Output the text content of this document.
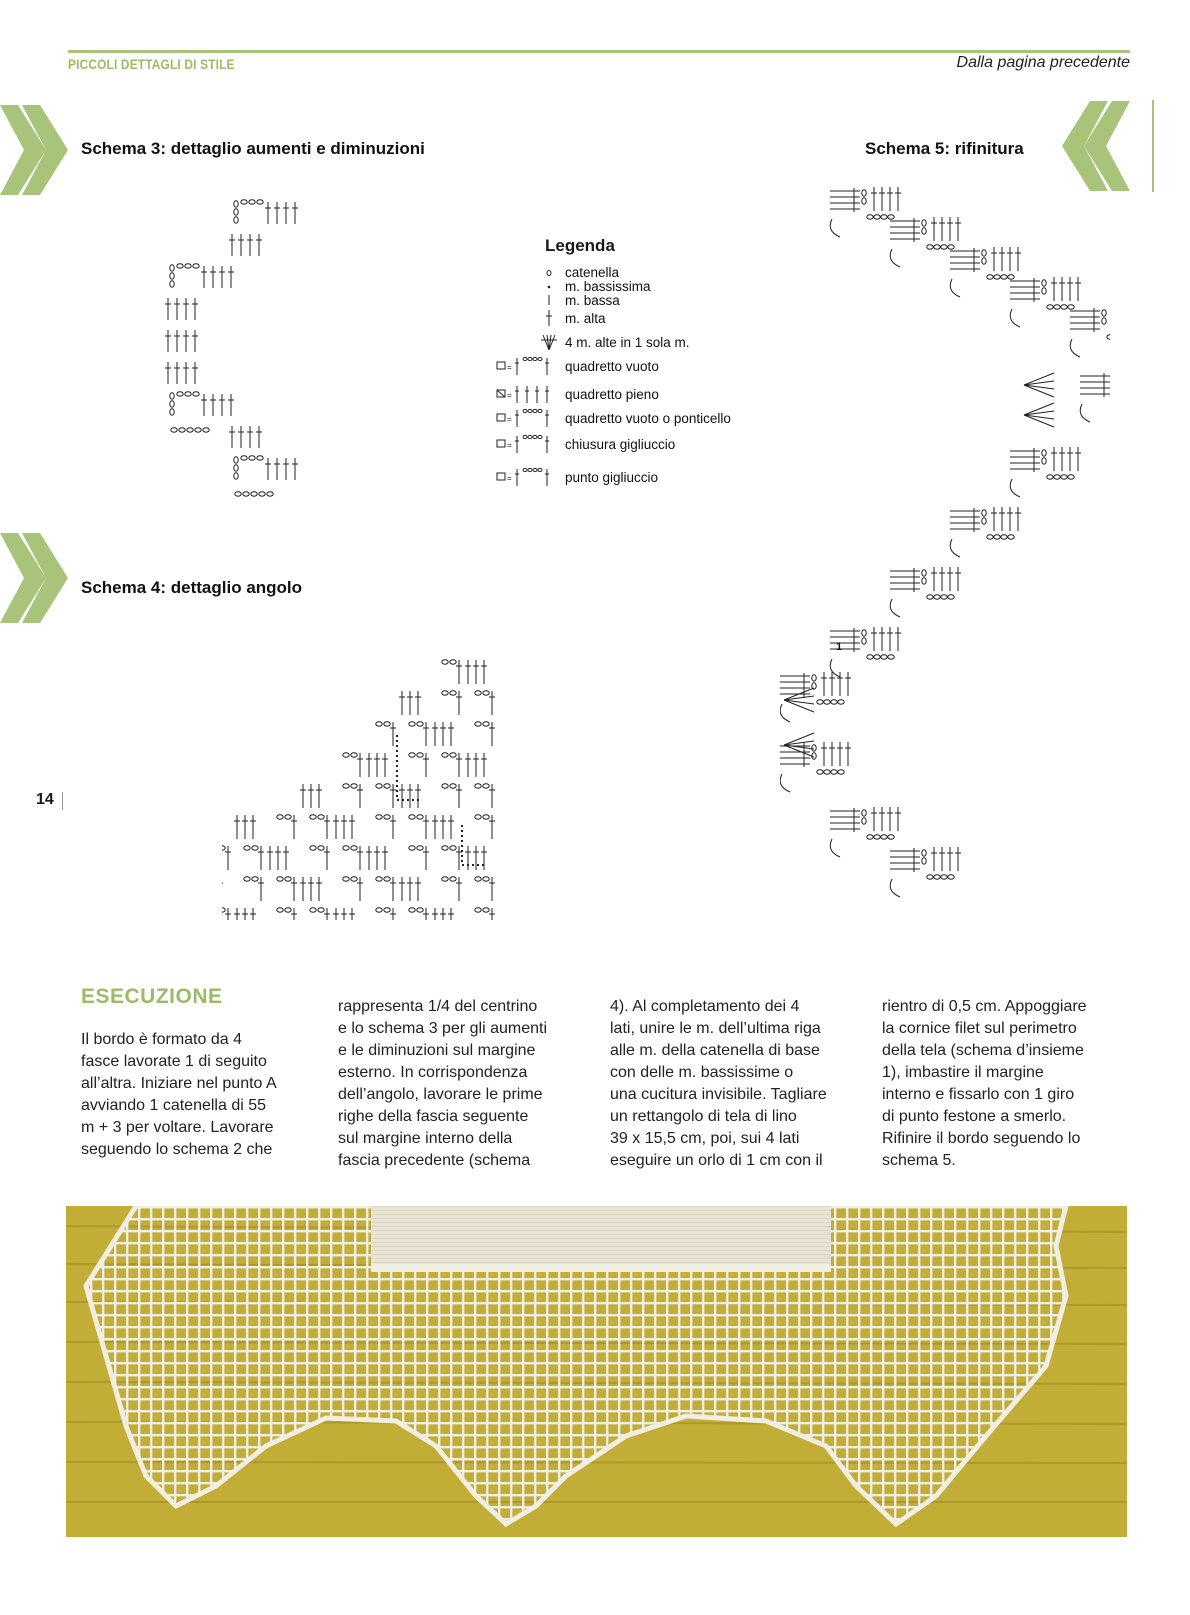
PICCOLI DETTAGLI DI STILE	Dalla pagina precedente
Schema 3: dettaglio aumenti e diminuzioni
Schema 4: dettaglio angolo
Schema 5: rifinitura
Legenda
catenella
m. bassissima
m. bassa
m. alta
4 m. alte in 1 sola m.
=	quadretto vuoto
=	quadretto pieno
=	quadretto vuoto o ponticello
=	chiusura gigliuccio
=	punto gigliuccio
1
14
ESECUZIONE
Il bordo è formato da 4
fasce lavorate 1 di seguito
all’altra. Iniziare nel punto A
avviando 1 catenella di 55
m + 3 per voltare. Lavorare
seguendo lo schema 2 che
rappresenta 1/4 del centrino
e lo schema 3 per gli aumenti
e le diminuzioni sul margine
esterno. In corrispondenza
dell’angolo, lavorare le prime
righe della fascia seguente
sul margine interno della
fascia precedente (schema
4). Al completamento dei 4
lati, unire le m. dell’ultima riga
alle m. della catenella di base
con delle m. bassissime o
una cucitura invisibile. Tagliare
un rettangolo di tela di lino
39 x 15,5 cm, poi, sui 4 lati
eseguire un orlo di 1 cm con il
rientro di 0,5 cm. Appoggiare
la cornice filet sul perimetro
della tela (schema d’insieme
1), imbastire il margine
interno e fissarlo con 1 giro
di punto festone a smerlo.
Rifinire il bordo seguendo lo
schema 5.
